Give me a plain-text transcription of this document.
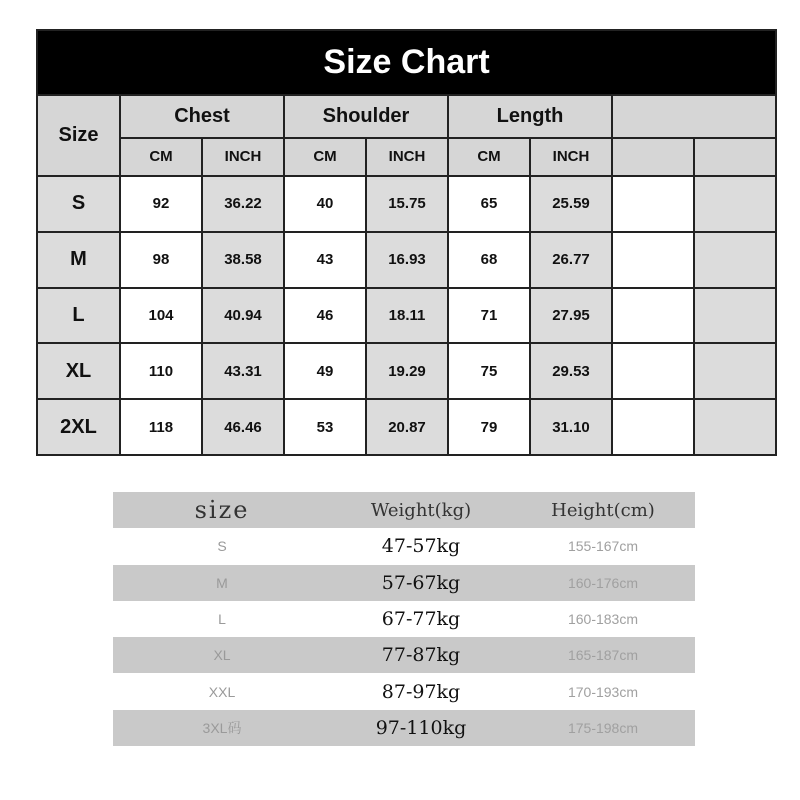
Size Chart								
Size	Chest		Shoulder		Length			
	CM	INCH	CM	INCH	CM	INCH		
S	92	36.22	40	15.75	65	25.59		
M	98	38.58	43	16.93	68	26.77		
L	104	40.94	46	18.11	71	27.95		
XL	110	43.31	49	19.29	75	29.53		
2XL	118	46.46	53	20.87	79	31.10		
size	Weight(kg)	Height(cm)
S	47-57kg	155-167cm
M	57-67kg	160-176cm
L	67-77kg	160-183cm
XL	77-87kg	165-187cm
XXL	87-97kg	170-193cm
3XL码	97-110kg	175-198cm
